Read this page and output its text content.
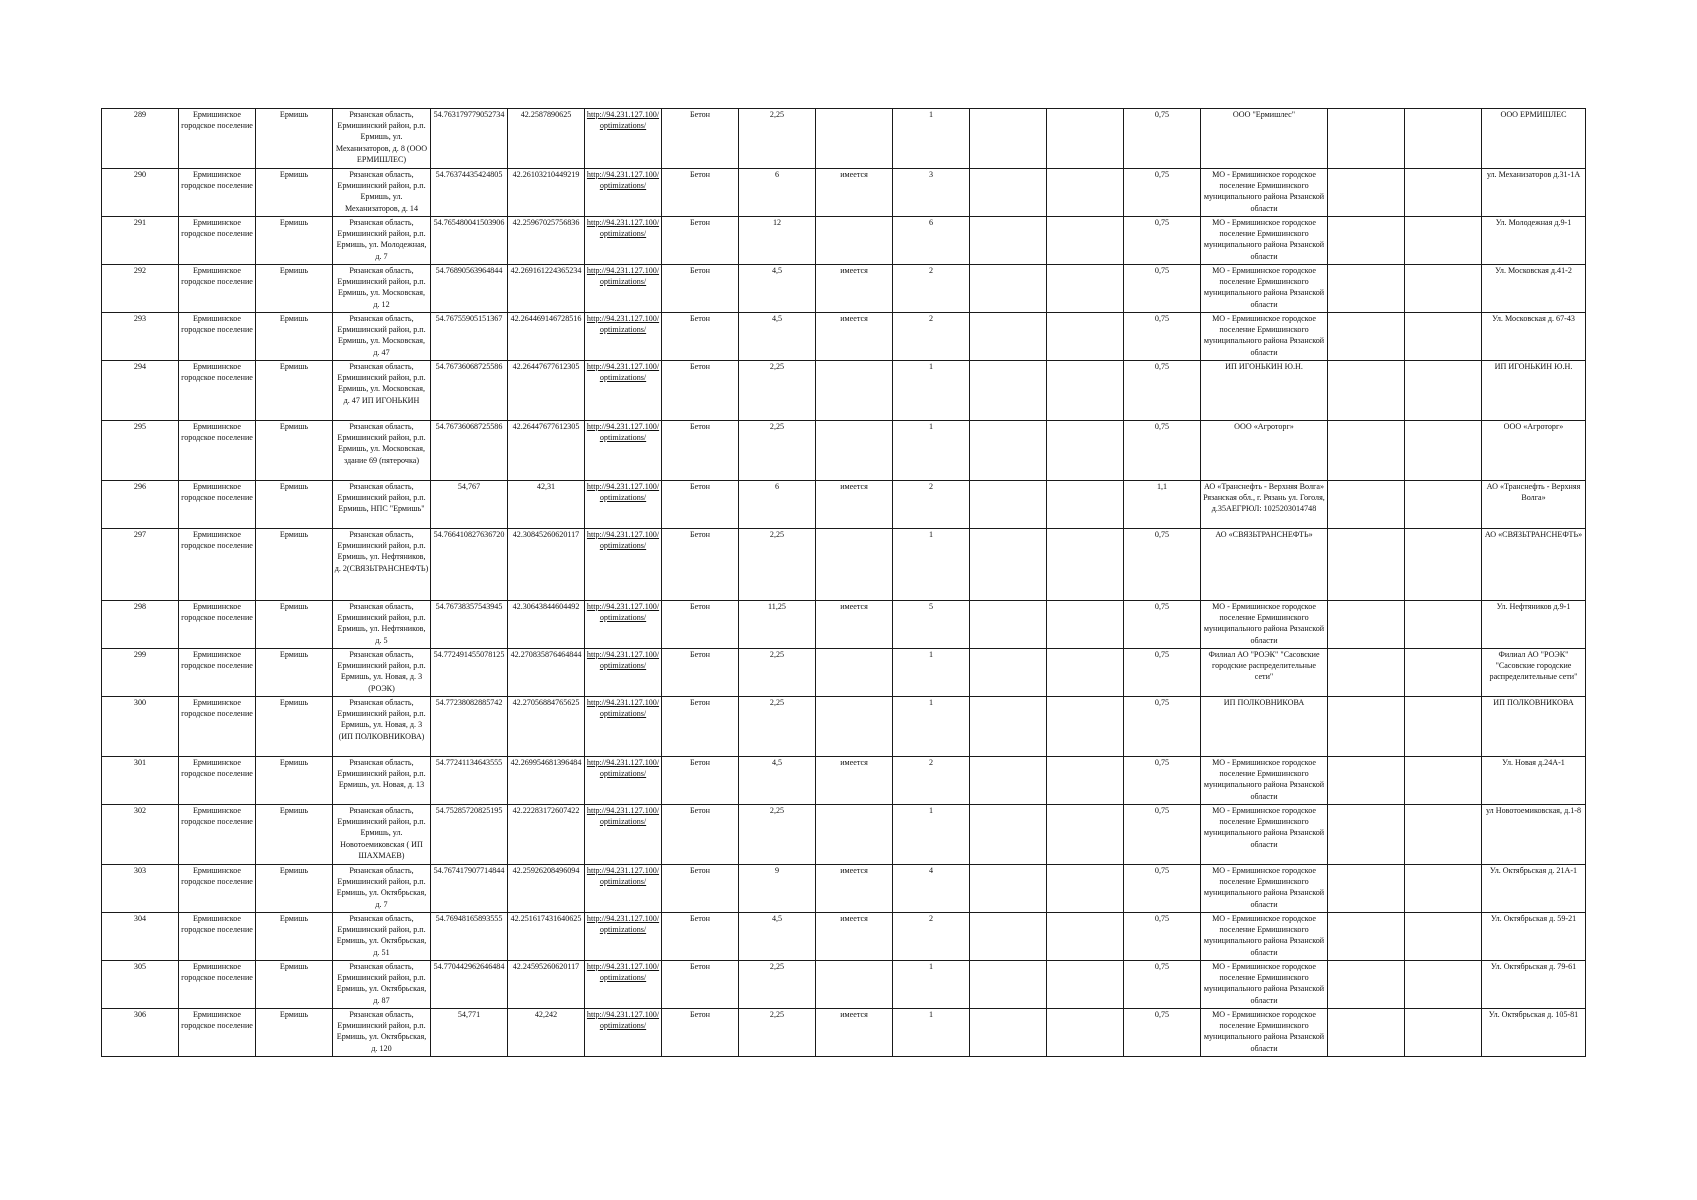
289	Ермишинское городское поселение	Ермишь	Рязанская область, Ермишинский район, р.п. Ермишь, ул. Механизаторов, д. 8 (ООО ЕРМИШЛЕС)	54.763179779052734	42.2587890625	http://94.231.127.100/optimizations/	Бетон	2,25		1			0,75	ООО "Ермишлес"			ООО ЕРМИШЛЕС
290	Ермишинское городское поселение	Ермишь	Рязанская область, Ермишинский район, р.п. Ермишь, ул. Механизаторов, д. 14	54.76374435424805	42.26103210449219	http://94.231.127.100/optimizations/	Бетон	6	имеется	3			0,75	МО - Ермишинское городское поселение Ермишинского муниципального района Рязанской области			ул. Механизаторов д.31-1А
291	Ермишинское городское поселение	Ермишь	Рязанская область, Ермишинский район, р.п. Ермишь, ул. Молодежная, д. 7	54.765480041503906	42.25967025756836	http://94.231.127.100/optimizations/	Бетон	12		6			0,75	МО - Ермишинское городское поселение Ермишинского муниципального района Рязанской области			Ул. Молодежная д.9-1
292	Ермишинское городское поселение	Ермишь	Рязанская область, Ермишинский район, р.п. Ермишь, ул. Московская, д. 12	54.76890563964844	42.269161224365234	http://94.231.127.100/optimizations/	Бетон	4,5	имеется	2			0,75	МО - Ермишинское городское поселение Ермишинского муниципального района Рязанской области			Ул. Московская д.41-2
293	Ермишинское городское поселение	Ермишь	Рязанская область, Ермишинский район, р.п. Ермишь, ул. Московская, д. 47	54.76755905151367	42.264469146728516	http://94.231.127.100/optimizations/	Бетон	4,5	имеется	2			0,75	МО - Ермишинское городское поселение Ермишинского муниципального района Рязанской области			Ул. Московская д. 67-43
294	Ермишинское городское поселение	Ермишь	Рязанская область, Ермишинский район, р.п. Ермишь, ул. Московская, д. 47 ИП ИГОНЬКИН	54.76736068725586	42.26447677612305	http://94.231.127.100/optimizations/	Бетон	2,25		1			0,75	ИП ИГОНЬКИН Ю.Н.			ИП ИГОНЬКИН Ю.Н.
295	Ермишинское городское поселение	Ермишь	Рязанская область, Ермишинский район, р.п. Ермишь, ул. Московская, здание 69 (пятерочка)	54.76736068725586	42.26447677612305	http://94.231.127.100/optimizations/	Бетон	2,25		1			0,75	ООО «Агроторг»			ООО «Агроторг»
296	Ермишинское городское поселение	Ермишь	Рязанская область, Ермишинский район, р.п. Ермишь, НПС "Ермишь"	54,767	42,31	http://94.231.127.100/optimizations/	Бетон	6	имеется	2			1,1	АО «Транснефть - Верхняя Волга» Рязанская обл., г. Рязань ул. Гоголя, д.35АЕГРЮЛ: 1025203014748			АО «Транснефть - Верхняя Волга»
297	Ермишинское городское поселение	Ермишь	Рязанская область, Ермишинский район, р.п. Ермишь, ул. Нефтяников, д. 2(СВЯЗЬТРАНСНЕФТЬ)	54.766410827636720	42.30845260620117	http://94.231.127.100/optimizations/	Бетон	2,25		1			0,75	АО «СВЯЗЬТРАНСНЕФТЬ»			АО «СВЯЗЬТРАНСНЕФТЬ»
298	Ермишинское городское поселение	Ермишь	Рязанская область, Ермишинский район, р.п. Ермишь, ул. Нефтяников, д. 5	54.76738357543945	42.30643844604492	http://94.231.127.100/optimizations/	Бетон	11,25	имеется	5			0,75	МО - Ермишинское городское поселение Ермишинского муниципального района Рязанской области			Ул. Нефтяников д.9-1
299	Ермишинское городское поселение	Ермишь	Рязанская область, Ермишинский район, р.п. Ермишь, ул. Новая, д. 3 (РОЭК)	54.772491455078125	42.270835876464844	http://94.231.127.100/optimizations/	Бетон	2,25		1			0,75	Филиал АО "РОЭК" "Сасовские городские распределительные сети"			Филиал АО "РОЭК" "Сасовские городские распределительные сети"
300	Ермишинское городское поселение	Ермишь	Рязанская область, Ермишинский район, р.п. Ермишь, ул. Новая, д. 3 (ИП ПОЛКОВНИКОВА)	54.77238082885742	42.27056884765625	http://94.231.127.100/optimizations/	Бетон	2,25		1			0,75	ИП ПОЛКОВНИКОВА			ИП ПОЛКОВНИКОВА
301	Ермишинское городское поселение	Ермишь	Рязанская область, Ермишинский район, р.п. Ермишь, ул. Новая, д. 13	54.77241134643555	42.269954681396484	http://94.231.127.100/optimizations/	Бетон	4,5	имеется	2			0,75	МО - Ермишинское городское поселение Ермишинского муниципального района Рязанской области			Ул. Новая д.24А-1
302	Ермишинское городское поселение	Ермишь	Рязанская область, Ермишинский район, р.п. Ермишь, ул. Новотоемиковская ( ИП ШАХМАЕВ)	54.75285720825195	42.22283172607422	http://94.231.127.100/optimizations/	Бетон	2,25		1			0,75	МО - Ермишинское городское поселение Ермишинского муниципального района Рязанской области			ул Новотоемиковская, д.1-8
303	Ермишинское городское поселение	Ермишь	Рязанская область, Ермишинский район, р.п. Ермишь, ул. Октябрьская, д. 7	54.767417907714844	42.25926208496094	http://94.231.127.100/optimizations/	Бетон	9	имеется	4			0,75	МО - Ермишинское городское поселение Ермишинского муниципального района Рязанской области			Ул. Октябрьская д. 21А-1
304	Ермишинское городское поселение	Ермишь	Рязанская область, Ермишинский район, р.п. Ермишь, ул. Октябрьская, д. 51	54.76948165893555	42.251617431640625	http://94.231.127.100/optimizations/	Бетон	4,5	имеется	2			0,75	МО - Ермишинское городское поселение Ермишинского муниципального района Рязанской области			Ул. Октябрьская д. 59-21
305	Ермишинское городское поселение	Ермишь	Рязанская область, Ермишинский район, р.п. Ермишь, ул. Октябрьская, д. 87	54.770442962646484	42.24595260620117	http://94.231.127.100/optimizations/	Бетон	2,25		1			0,75	МО - Ермишинское городское поселение Ермишинского муниципального района Рязанской области			Ул. Октябрьская д. 79-61
306	Ермишинское городское поселение	Ермишь	Рязанская область, Ермишинский район, р.п. Ермишь, ул. Октябрьская, д. 120	54,771	42,242	http://94.231.127.100/optimizations/	Бетон	2,25	имеется	1			0,75	МО - Ермишинское городское поселение Ермишинского муниципального района Рязанской области			Ул. Октябрьская д. 105-81
